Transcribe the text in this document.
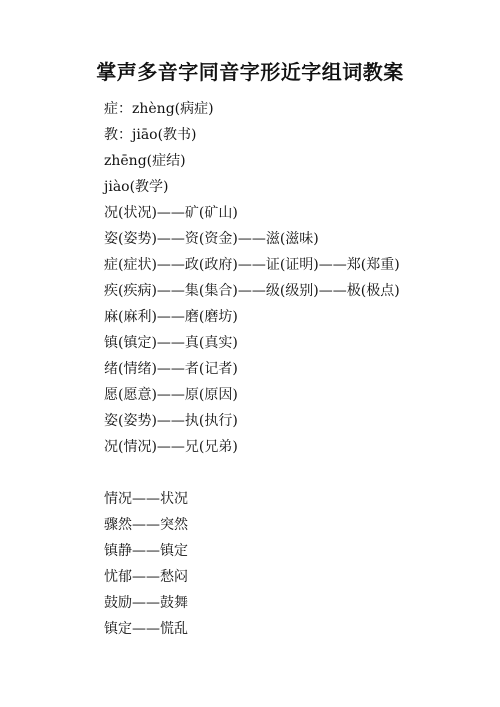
掌声多音字同音字形近字组词教案
症：zhèng(病症)
教：jiāo(教书)
zhēng(症结)
jiào(教学)
况(状况)——矿(矿山)
姿(姿势)——资(资金)——滋(滋味)
症(症状)——政(政府)——证(证明)——郑(郑重)
疾(疾病)——集(集合)——级(级别)——极(极点)
麻(麻利)——磨(磨坊)
镇(镇定)——真(真实)
绪(情绪)——者(记者)
愿(愿意)——原(原因)
姿(姿势)——执(执行)
况(情况)——兄(兄弟)
情况——状况
骤然——突然
镇静——镇定
忧郁——愁闷
鼓励——鼓舞
镇定——慌乱
